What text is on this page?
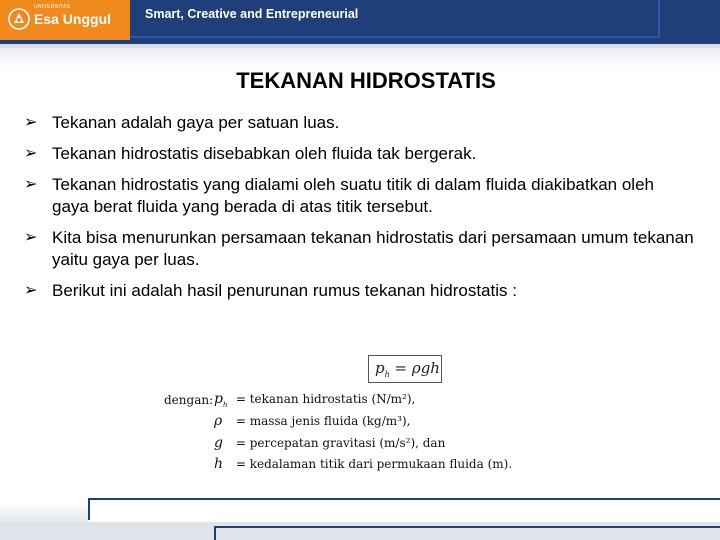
UNIVERSITAS
Esa Unggul	Smart, Creative and Entrepreneurial
TEKANAN HIDROSTATIS
➢ Tekanan adalah gaya per satuan luas.
➢ Tekanan hidrostatis disebabkan oleh fluida tak bergerak.
➢ Tekanan hidrostatis yang dialami oleh suatu titik di dalam fluida diakibatkan oleh gaya berat fluida yang berada di atas titik tersebut.
➢ Kita bisa menurunkan persamaan tekanan hidrostatis dari persamaan umum tekanan yaitu gaya per luas.
➢ Berikut ini adalah hasil penurunan rumus tekanan hidrostatis :
$p_h = \rho gh$
dengan: $p_h$ = tekanan hidrostatis (N/m²),
ρ = massa jenis fluida (kg/m³),
g = percepatan gravitasi (m/s²), dan
h = kedalaman titik dari permukaan fluida (m).
